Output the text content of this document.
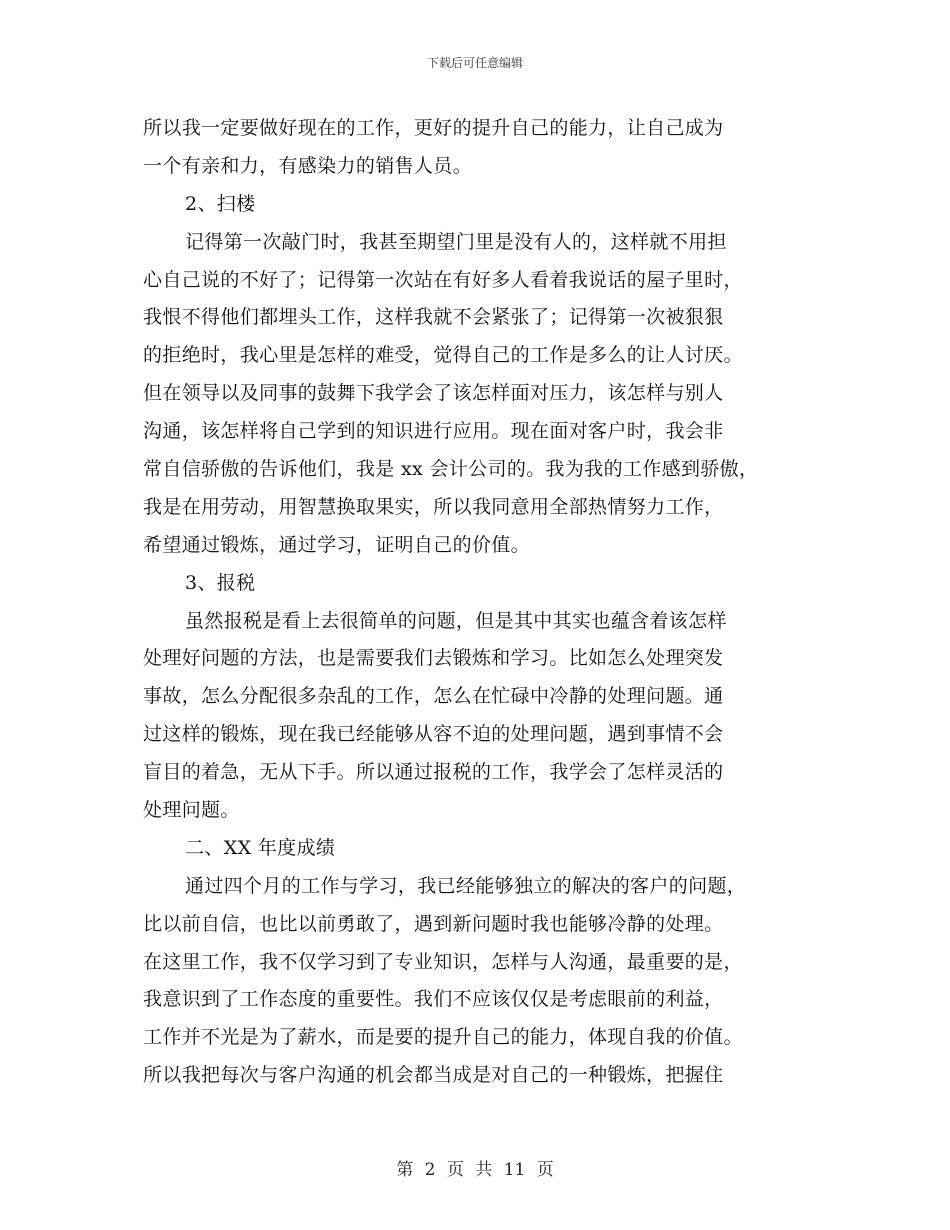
下载后可任意编辑
所以我一定要做好现在的工作，更好的提升自己的能力，让自己成为
一个有亲和力，有感染力的销售人员。
2、扫楼
记得第一次敲门时，我甚至期望门里是没有人的，这样就不用担
心自己说的不好了；记得第一次站在有好多人看着我说话的屋子里时，
我恨不得他们都埋头工作，这样我就不会紧张了；记得第一次被狠狠
的拒绝时，我心里是怎样的难受，觉得自己的工作是多么的让人讨厌。
但在领导以及同事的鼓舞下我学会了该怎样面对压力，该怎样与别人
沟通，该怎样将自己学到的知识进行应用。现在面对客户时，我会非
常自信骄傲的告诉他们，我是 xx 会计公司的。我为我的工作感到骄傲，
我是在用劳动，用智慧换取果实，所以我同意用全部热情努力工作，
希望通过锻炼，通过学习，证明自己的价值。
3、报税
虽然报税是看上去很简单的问题，但是其中其实也蕴含着该怎样
处理好问题的方法，也是需要我们去锻炼和学习。比如怎么处理突发
事故，怎么分配很多杂乱的工作，怎么在忙碌中冷静的处理问题。通
过这样的锻炼，现在我已经能够从容不迫的处理问题，遇到事情不会
盲目的着急，无从下手。所以通过报税的工作，我学会了怎样灵活的
处理问题。
二、XX 年度成绩
通过四个月的工作与学习，我已经能够独立的解决的客户的问题，
比以前自信，也比以前勇敢了，遇到新问题时我也能够冷静的处理。
在这里工作，我不仅学习到了专业知识，怎样与人沟通，最重要的是，
我意识到了工作态度的重要性。我们不应该仅仅是考虑眼前的利益，
工作并不光是为了薪水，而是要的提升自己的能力，体现自我的价值。
所以我把每次与客户沟通的机会都当成是对自己的一种锻炼，把握住
第 2 页 共 11 页
